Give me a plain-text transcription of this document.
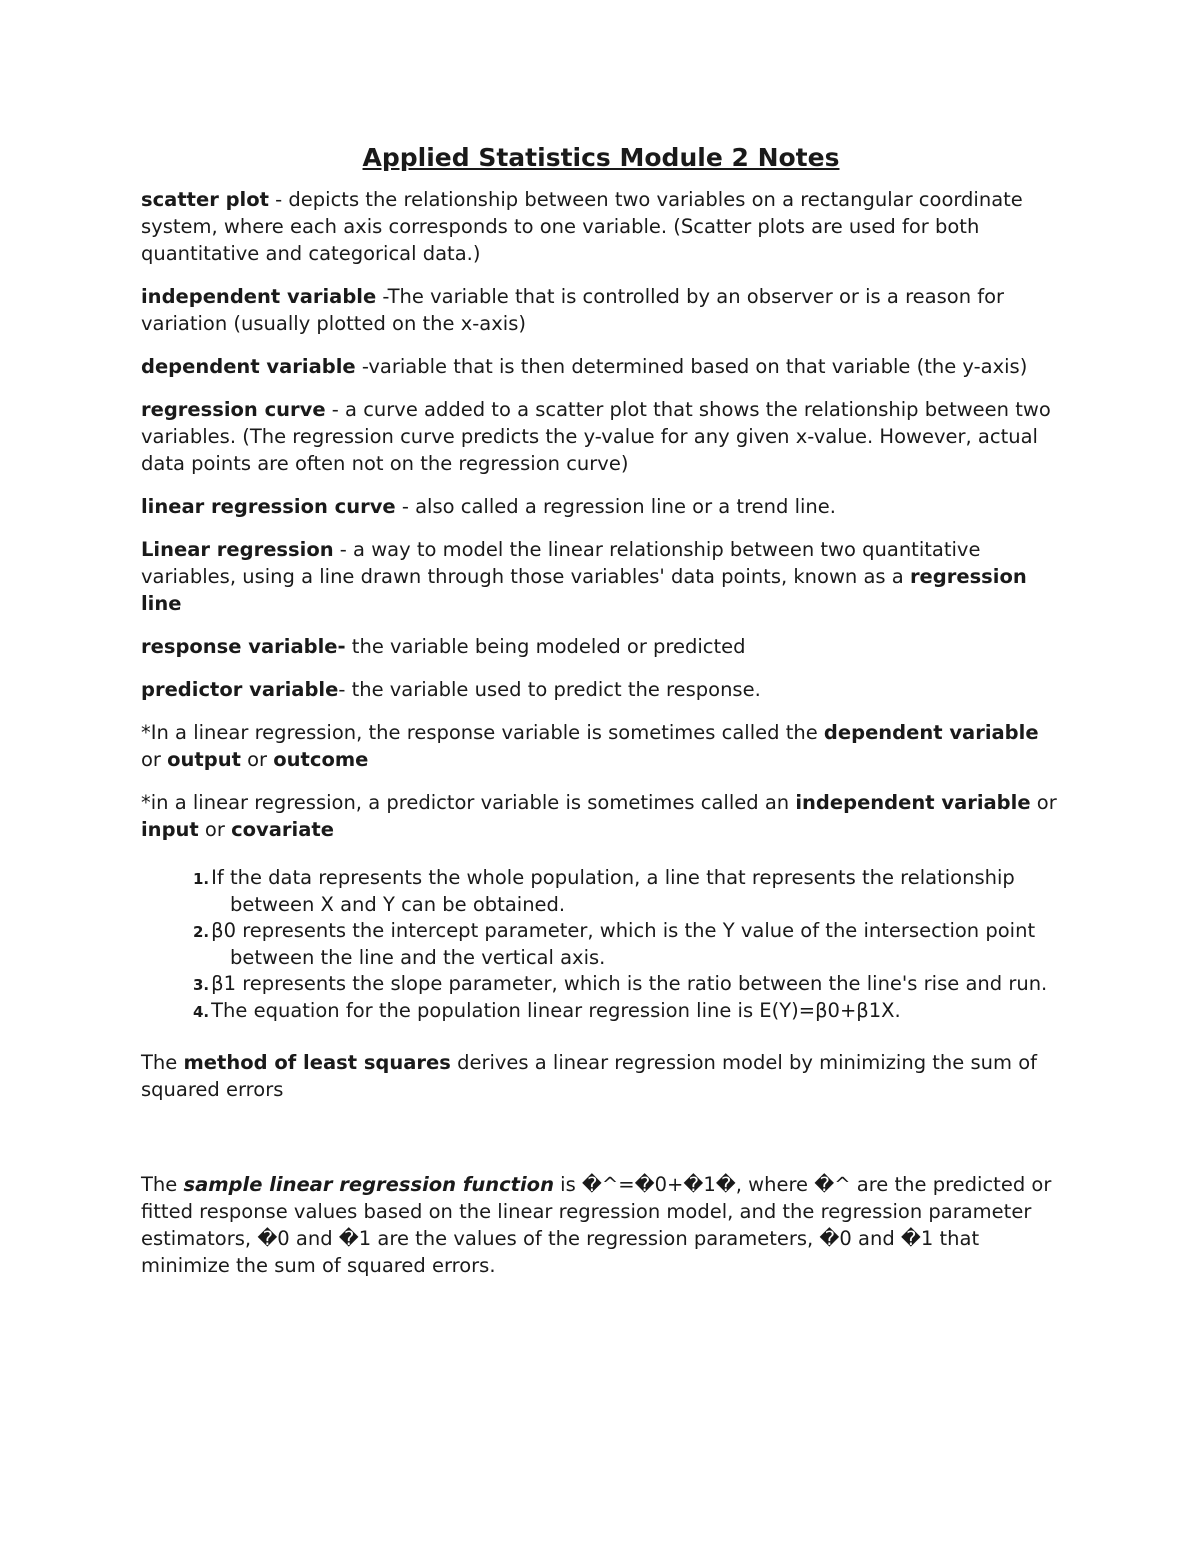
Applied Statistics Module 2 Notes

scatter plot - depicts the relationship between two variables on a rectangular coordinate system, where each axis corresponds to one variable. (Scatter plots are used for both quantitative and categorical data.)

independent variable -The variable that is controlled by an observer or is a reason for variation (usually plotted on the x-axis)

dependent variable -variable that is then determined based on that variable (the y-axis)

regression curve - a curve added to a scatter plot that shows the relationship between two variables. (The regression curve predicts the y-value for any given x-value. However, actual data points are often not on the regression curve)

linear regression curve - also called a regression line or a trend line.

Linear regression - a way to model the linear relationship between two quantitative variables, using a line drawn through those variables' data points, known as a regression line

response variable- the variable being modeled or predicted

predictor variable- the variable used to predict the response.

*In a linear regression, the response variable is sometimes called the dependent variable or output or outcome

*in a linear regression, a predictor variable is sometimes called an independent variable or input or covariate

1. If the data represents the whole population, a line that represents the relationship between X and Y can be obtained.
2. β0 represents the intercept parameter, which is the Y value of the intersection point between the line and the vertical axis.
3. β1 represents the slope parameter, which is the ratio between the line's rise and run.
4. The equation for the population linear regression line is E(Y)=β0+β1X.

The method of least squares derives a linear regression model by minimizing the sum of squared errors

The sample linear regression function is �^=�0+�1�, where �^ are the predicted or fitted response values based on the linear regression model, and the regression parameter estimators, �0 and �1 are the values of the regression parameters, �0 and �1 that minimize the sum of squared errors.
